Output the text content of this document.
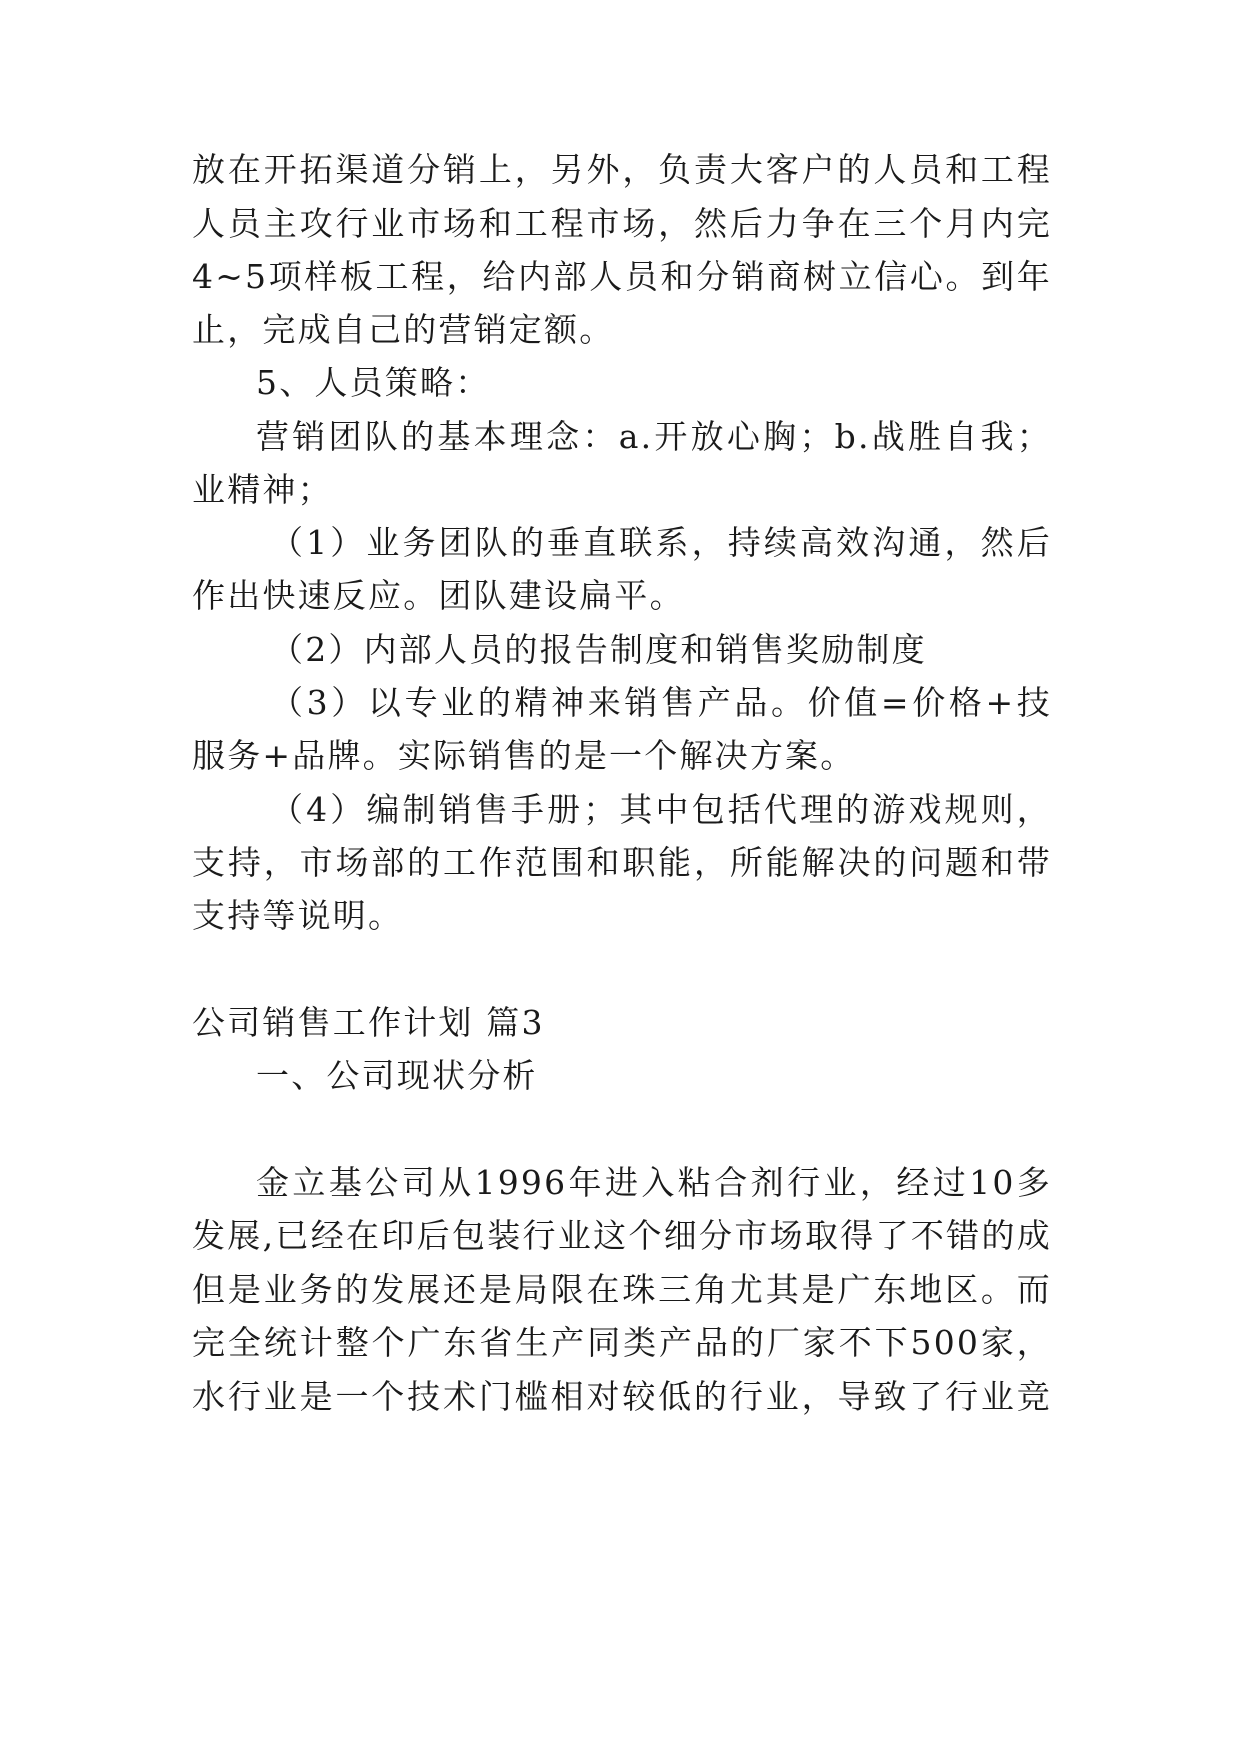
放在开拓渠道分销上，另外，负责大客户的人员和工程
人员主攻行业市场和工程市场，然后力争在三个月内完
4~5项样板工程，给内部人员和分销商树立信心。到年
止，完成自己的营销定额。
5、人员策略：
营销团队的基本理念：a.开放心胸；b.战胜自我；
业精神；
（1）业务团队的垂直联系，持续高效沟通，然后
作出快速反应。团队建设扁平。
（2）内部人员的报告制度和销售奖励制度
（3）以专业的精神来销售产品。价值=价格+技
服务+品牌。实际销售的是一个解决方案。
（4）编制销售手册；其中包括代理的游戏规则，
支持，市场部的工作范围和职能，所能解决的问题和带
支持等说明。
公司销售工作计划 篇3
一、公司现状分析
金立基公司从1996年进入粘合剂行业，经过10多
发展,已经在印后包装行业这个细分市场取得了不错的成
但是业务的发展还是局限在珠三角尤其是广东地区。而
完全统计整个广东省生产同类产品的厂家不下500家，
水行业是一个技术门槛相对较低的行业，导致了行业竞
